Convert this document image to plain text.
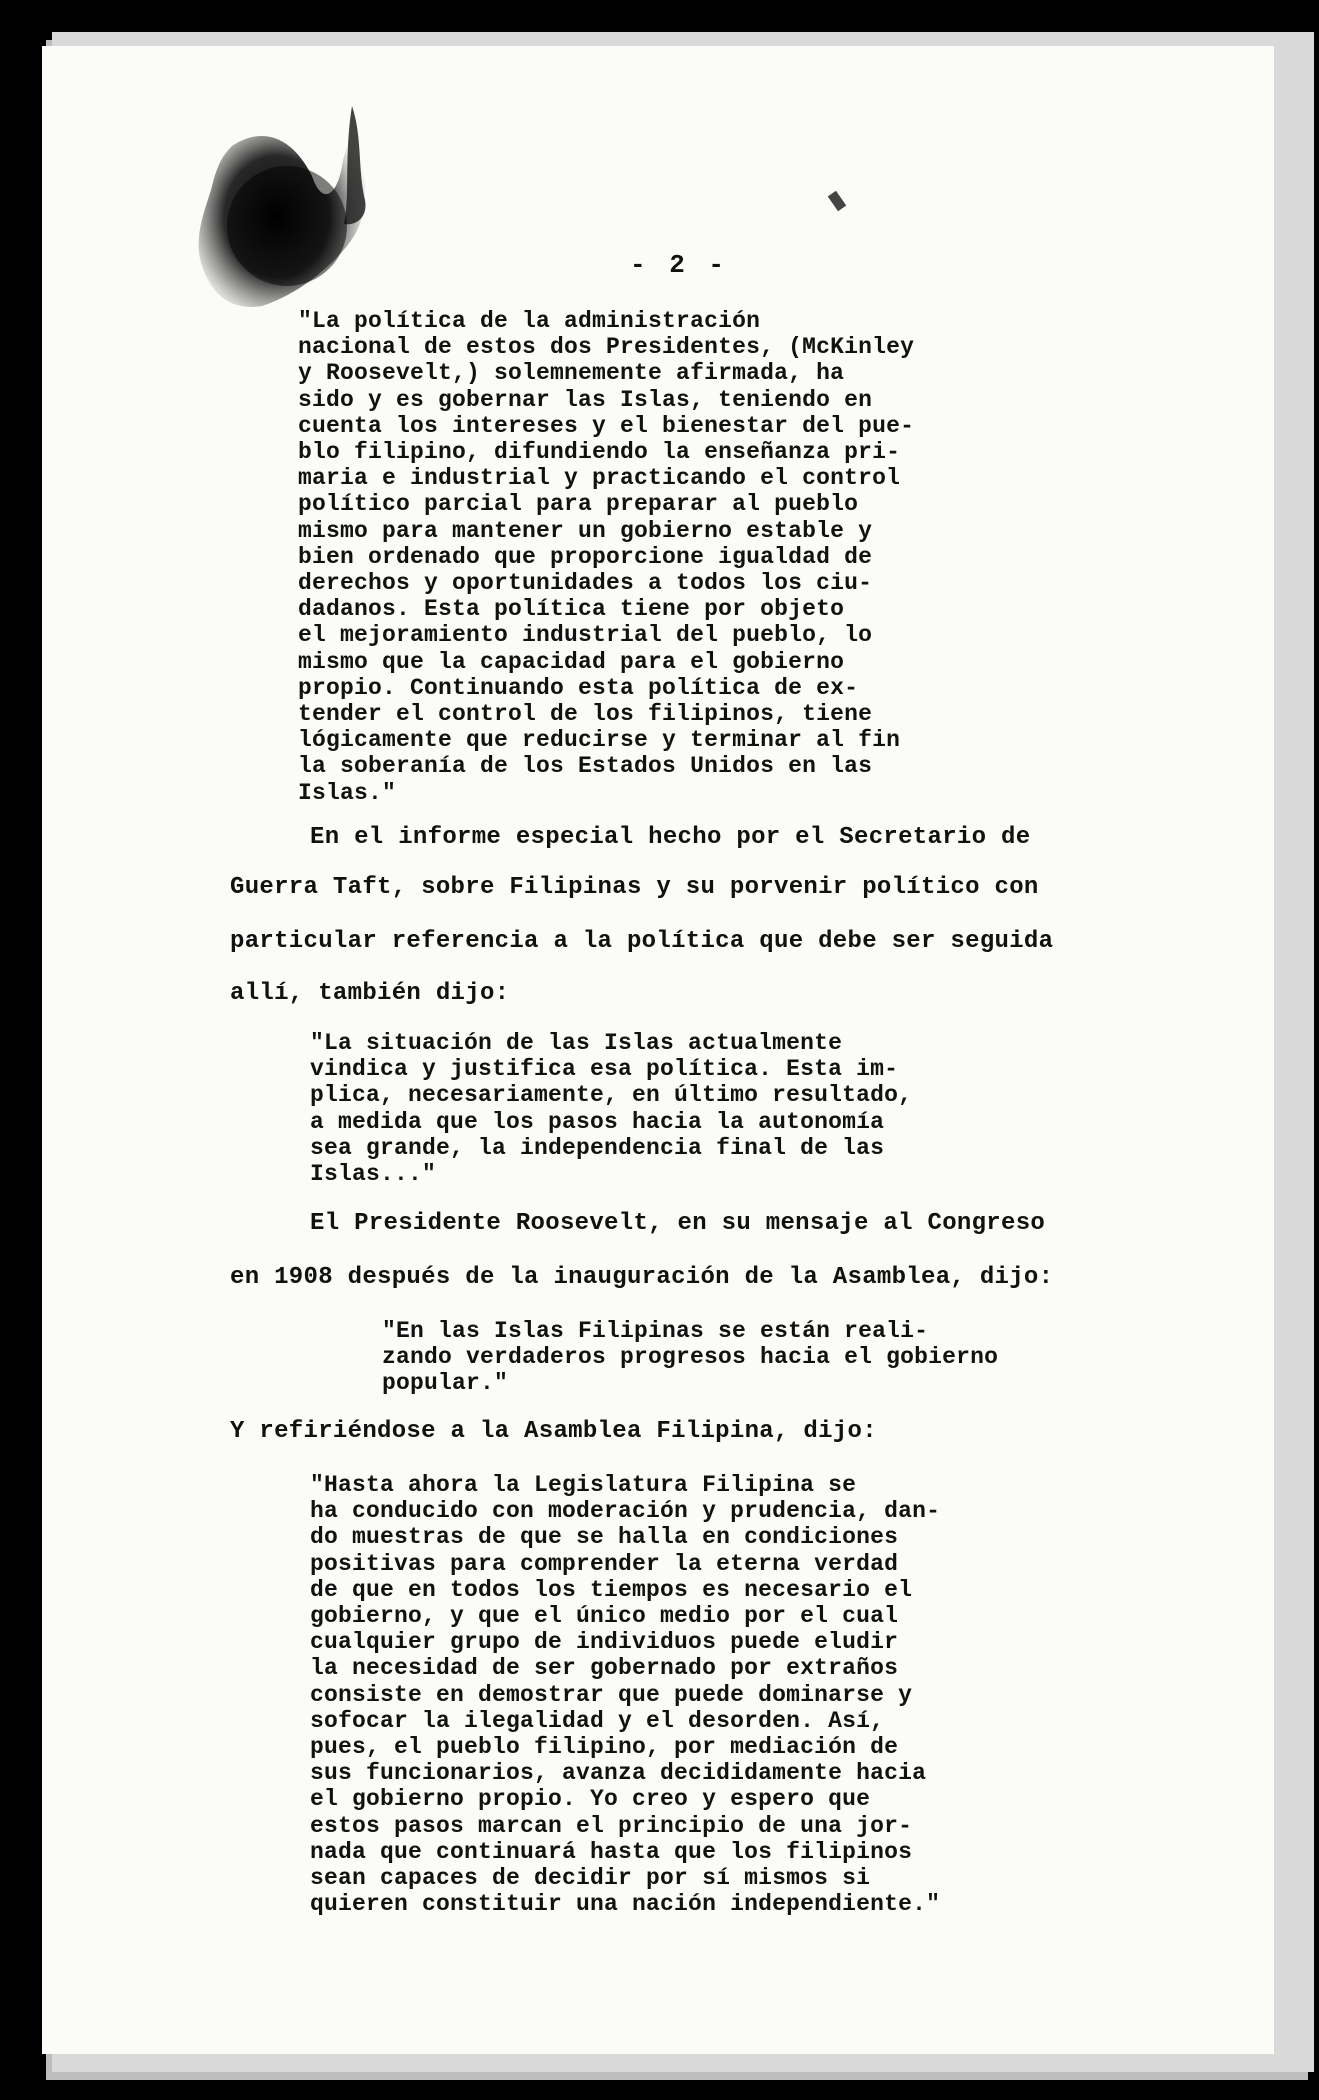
- 2 -
"La política de la administración
nacional de estos dos Presidentes, (McKinley
y Roosevelt,) solemnemente afirmada, ha
sido y es gobernar las Islas, teniendo en
cuenta los intereses y el bienestar del pue-
blo filipino, difundiendo la enseñanza pri-
maria e industrial y practicando el control
político parcial para preparar al pueblo
mismo para mantener un gobierno estable y
bien ordenado que proporcione igualdad de
derechos y oportunidades a todos los ciu-
dadanos. Esta política tiene por objeto
el mejoramiento industrial del pueblo, lo
mismo que la capacidad para el gobierno
propio. Continuando esta política de ex-
tender el control de los filipinos, tiene
lógicamente que reducirse y terminar al fin
la soberanía de los Estados Unidos en las
Islas."
En el informe especial hecho por el Secretario de
Guerra Taft, sobre Filipinas y su porvenir político con
particular referencia a la política que debe ser seguida
allí, también dijo:
"La situación de las Islas actualmente
vindica y justifica esa política. Esta im-
plica, necesariamente, en último resultado,
a medida que los pasos hacia la autonomía
sea grande, la independencia final de las
Islas..."
El Presidente Roosevelt, en su mensaje al Congreso
en 1908 después de la inauguración de la Asamblea, dijo:
"En las Islas Filipinas se están reali-
zando verdaderos progresos hacia el gobierno
popular."
Y refiriéndose a la Asamblea Filipina, dijo:
"Hasta ahora la Legislatura Filipina se
ha conducido con moderación y prudencia, dan-
do muestras de que se halla en condiciones
positivas para comprender la eterna verdad
de que en todos los tiempos es necesario el
gobierno, y que el único medio por el cual
cualquier grupo de individuos puede eludir
la necesidad de ser gobernado por extraños
consiste en demostrar que puede dominarse y
sofocar la ilegalidad y el desorden. Así,
pues, el pueblo filipino, por mediación de
sus funcionarios, avanza decididamente hacia
el gobierno propio. Yo creo y espero que
estos pasos marcan el principio de una jor-
nada que continuará hasta que los filipinos
sean capaces de decidir por sí mismos si
quieren constituir una nación independiente."
